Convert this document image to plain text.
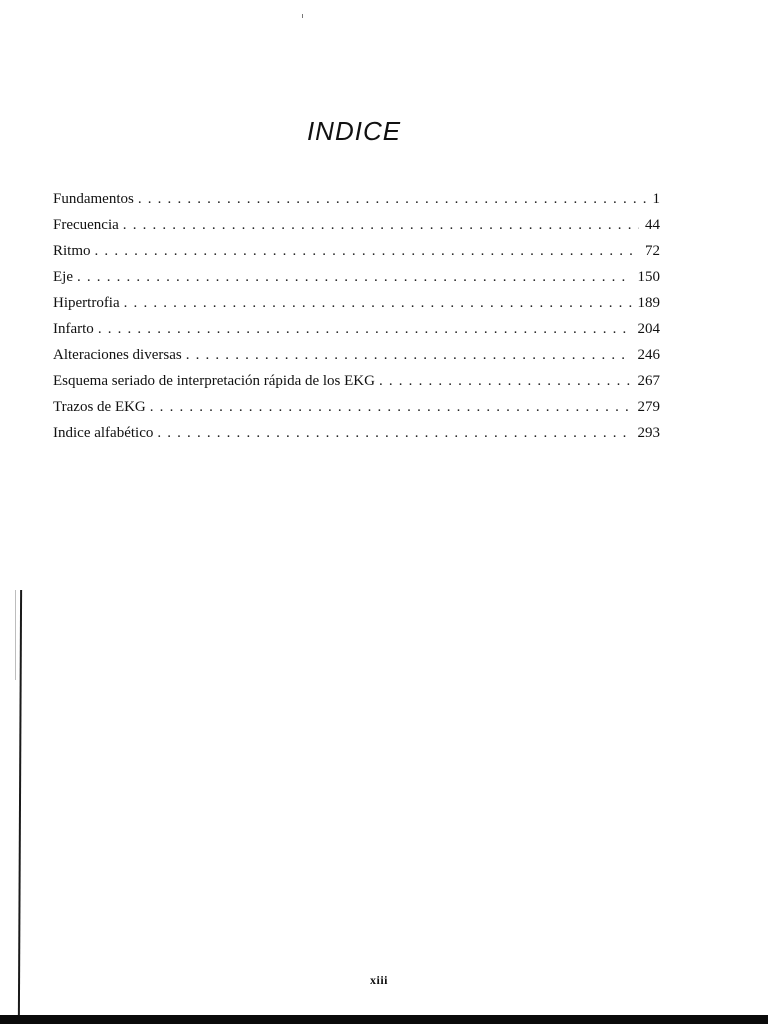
INDICE
Fundamentos . . .	1
Frecuencia . . .	44
Ritmo . . .	72
Eje . . .	150
Hipertrofia . . .	189
Infarto . . .	204
Alteraciones diversas . . .	246
Esquema seriado de interpretación rápida de los EKG . . .	267
Trazos de EKG . . .	279
Indice alfabético . . .	293
xiii
